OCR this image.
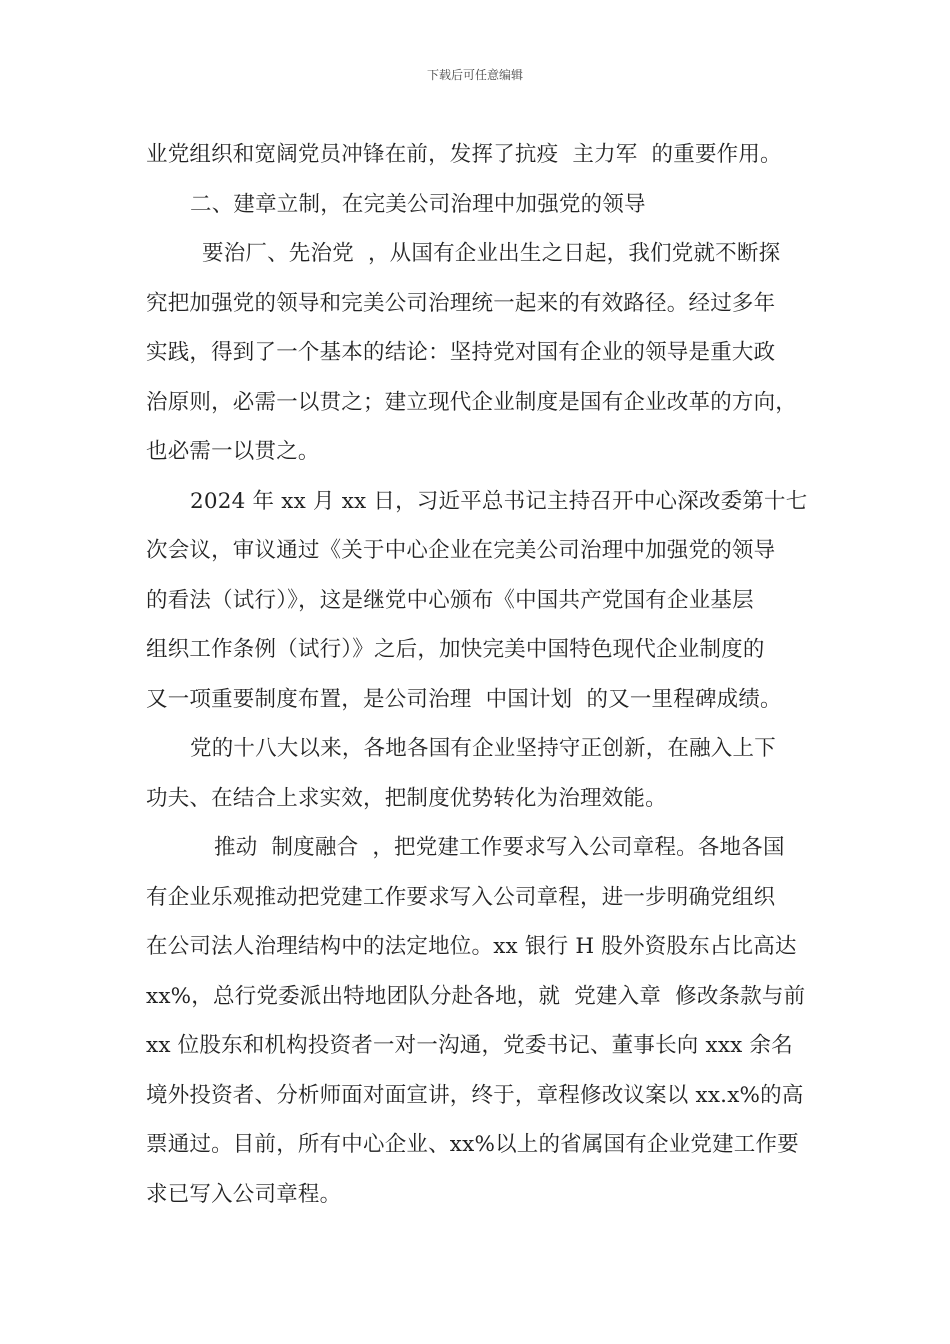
下载后可任意编辑
业党组织和宽阔党员冲锋在前，发挥了抗疫  主力军  的重要作用。
二、建章立制，在完美公司治理中加强党的领导
要治厂、先治党  ，从国有企业出生之日起，我们党就不断探
究把加强党的领导和完美公司治理统一起来的有效路径。经过多年
实践，得到了一个基本的结论：坚持党对国有企业的领导是重大政
治原则，必需一以贯之；建立现代企业制度是国有企业改革的方向，
也必需一以贯之。
2024 年 xx 月 xx 日，习近平总书记主持召开中心深改委第十七
次会议，审议通过《关于中心企业在完美公司治理中加强党的领导
的看法（试行）》，这是继党中心颁布《中国共产党国有企业基层
组织工作条例（试行）》之后，加快完美中国特色现代企业制度的
又一项重要制度布置，是公司治理  中国计划  的又一里程碑成绩。
党的十八大以来，各地各国有企业坚持守正创新，在融入上下
功夫、在结合上求实效，把制度优势转化为治理效能。
推动  制度融合  ，把党建工作要求写入公司章程。各地各国
有企业乐观推动把党建工作要求写入公司章程，进一步明确党组织
在公司法人治理结构中的法定地位。xx 银行 H 股外资股东占比高达
xx%，总行党委派出特地团队分赴各地，就  党建入章  修改条款与前
xx 位股东和机构投资者一对一沟通，党委书记、董事长向 xxx 余名
境外投资者、分析师面对面宣讲，终于，章程修改议案以 xx.x%的高
票通过。目前，所有中心企业、xx%以上的省属国有企业党建工作要
求已写入公司章程。
